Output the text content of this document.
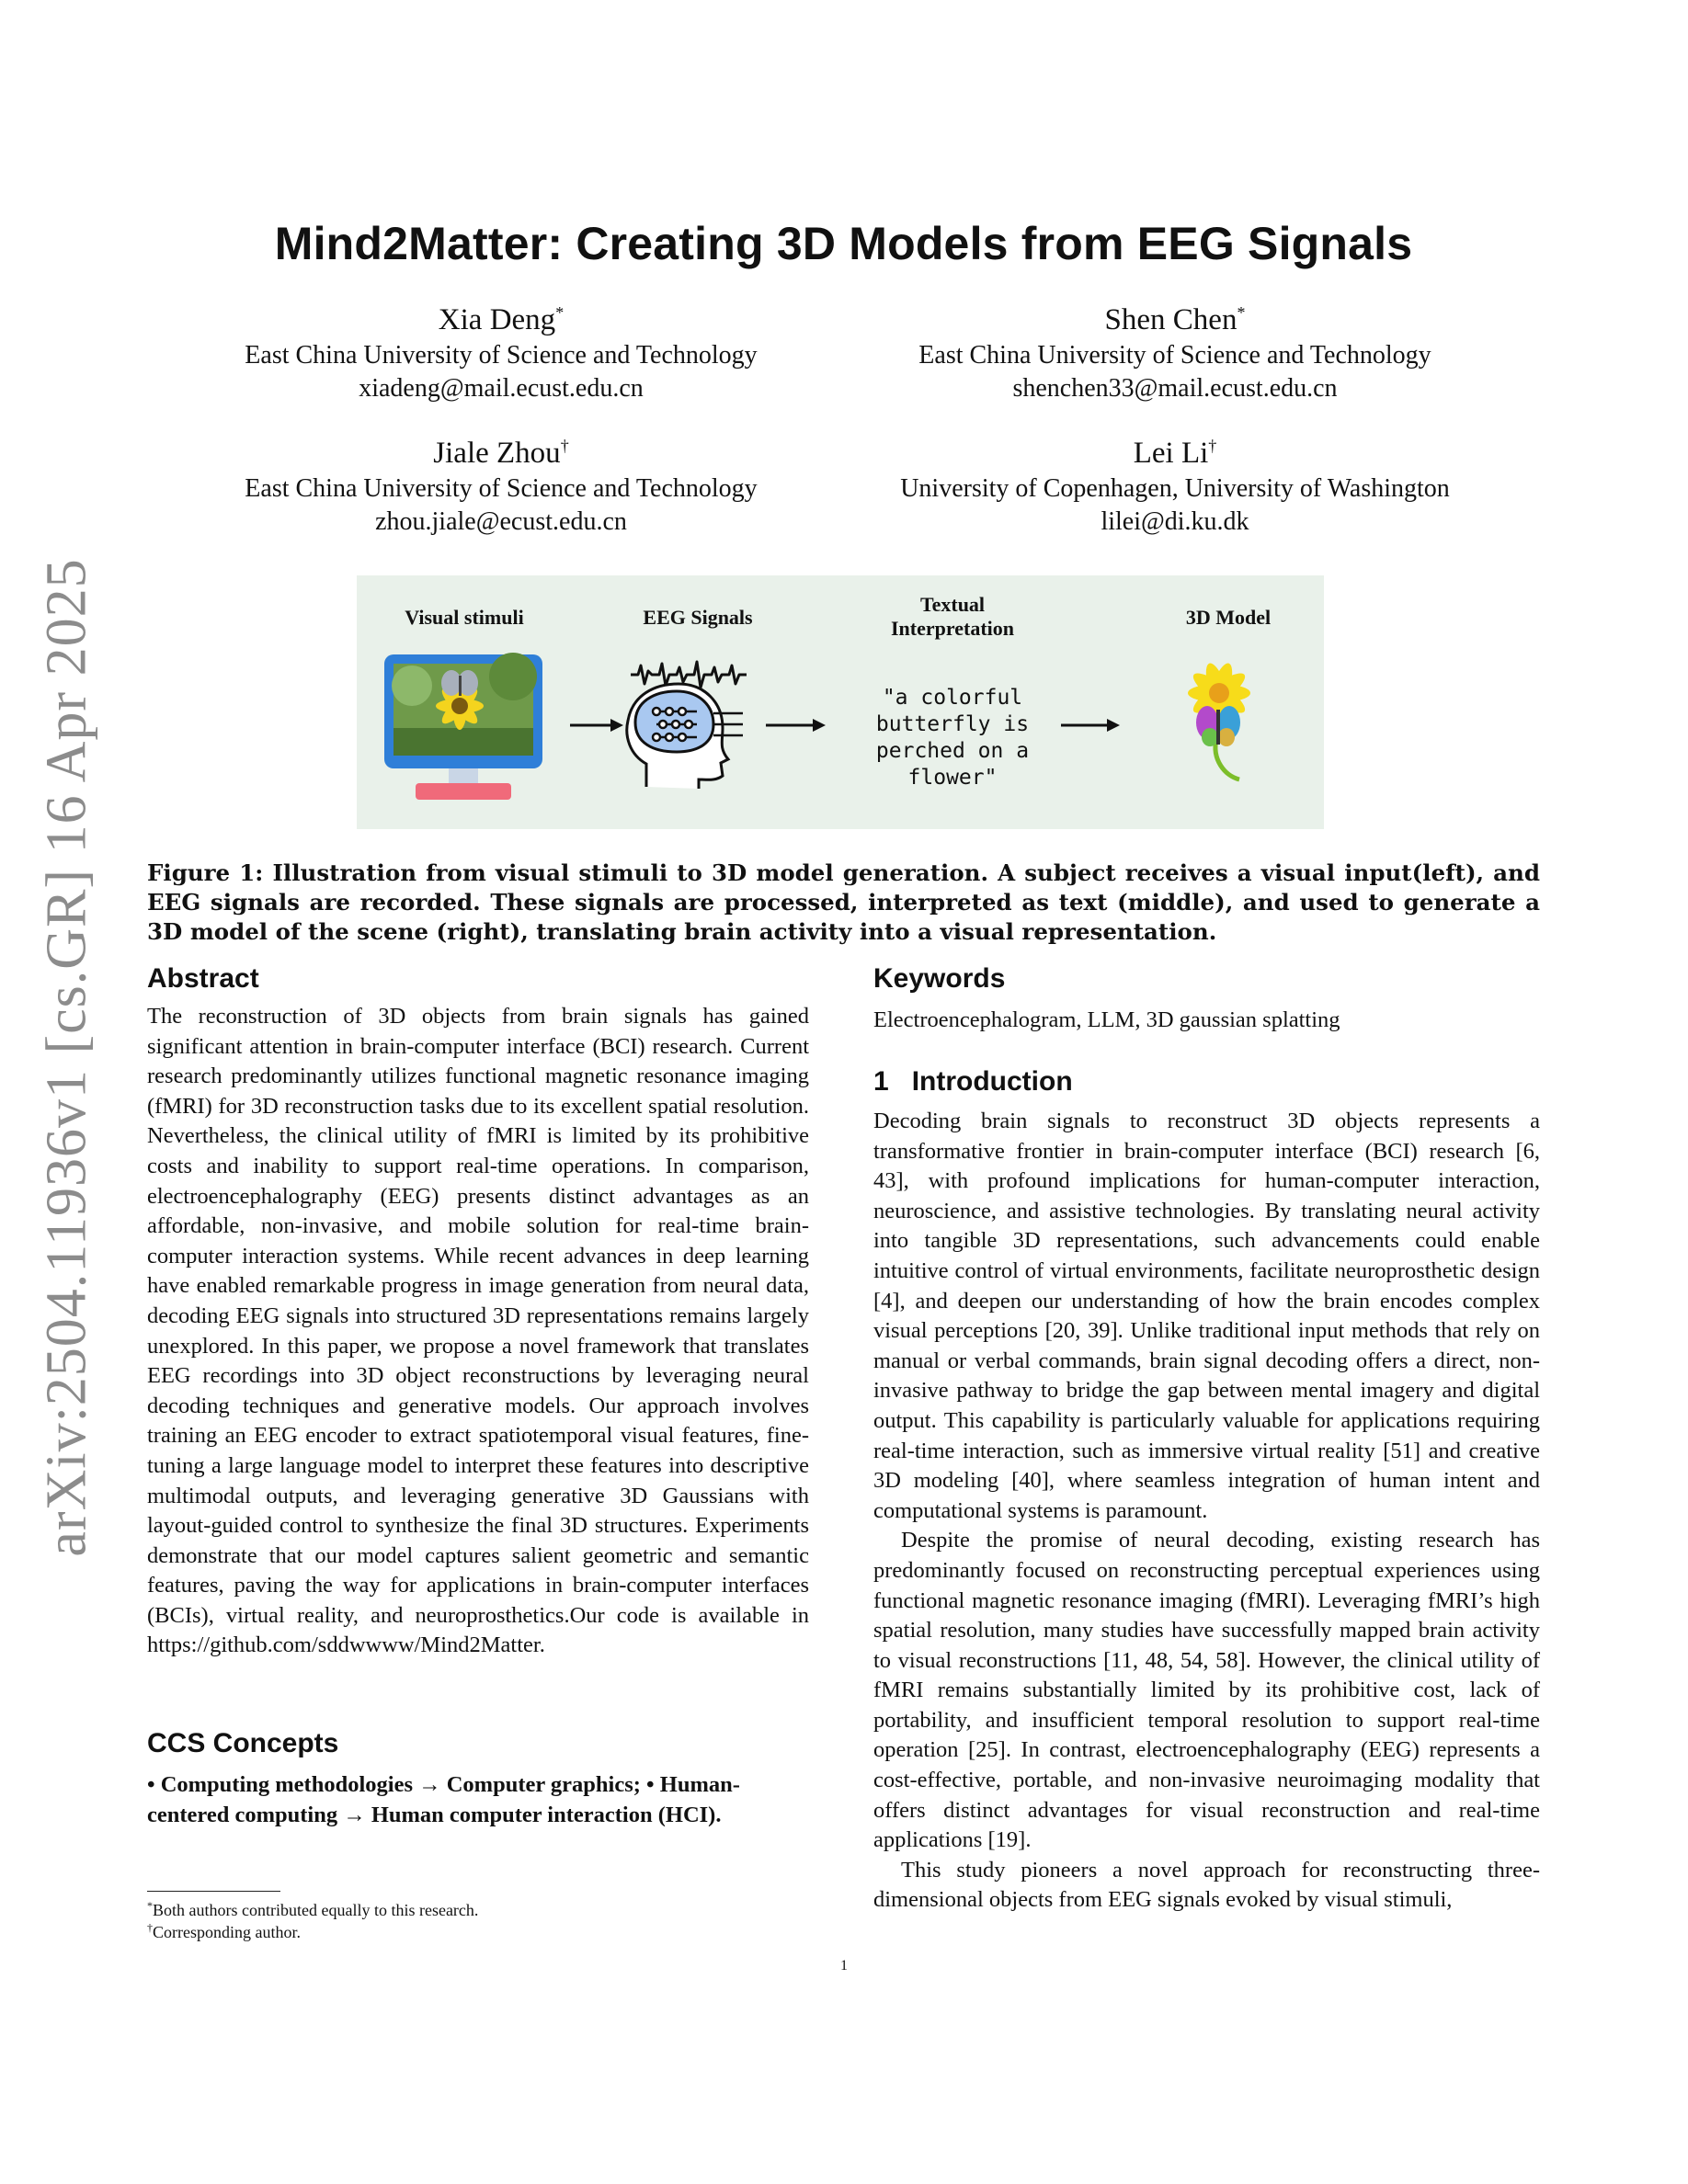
arXiv:2504.11936v1 [cs.GR] 16 Apr 2025
Mind2Matter: Creating 3D Models from EEG Signals
Xia Deng*
East China University of Science and Technology
xiadeng@mail.ecust.edu.cn
Shen Chen*
East China University of Science and Technology
shenchen33@mail.ecust.edu.cn
Jiale Zhou†
East China University of Science and Technology
zhou.jiale@ecust.edu.cn
Lei Li†
University of Copenhagen, University of Washington
lilei@di.ku.dk
Visual stimuli	EEG Signals
Textual
Interpretation	3D Model
"a colorful
butterfly is
perched on a
flower"
Figure 1: Illustration from visual stimuli to 3D model generation. A subject receives a visual input(left), and EEG signals are recorded. These signals are processed, interpreted as text (middle), and used to generate a 3D model of the scene (right), translating brain activity into a visual representation.
Abstract
The reconstruction of 3D objects from brain signals has gained significant attention in brain-computer interface (BCI) research. Current research predominantly utilizes functional magnetic resonance imaging (fMRI) for 3D reconstruction tasks due to its excellent spatial resolution. Nevertheless, the clinical utility of fMRI is limited by its prohibitive costs and inability to support real-time operations. In comparison, electroencephalography (EEG) presents distinct advantages as an affordable, non-invasive, and mobile solution for real-time brain-computer interaction systems. While recent advances in deep learning have enabled remarkable progress in image generation from neural data, decoding EEG signals into structured 3D representations remains largely unexplored. In this paper, we propose a novel framework that translates EEG recordings into 3D object reconstructions by leveraging neural decoding techniques and generative models. Our approach involves training an EEG encoder to extract spatiotemporal visual features, fine-tuning a large language model to interpret these features into descriptive multimodal outputs, and leveraging generative 3D Gaussians with layout-guided control to synthesize the final 3D structures. Experiments demonstrate that our model captures salient geometric and semantic features, paving the way for applications in brain-computer interfaces (BCIs), virtual reality, and neuroprosthetics.Our code is available in https://github.com/sddwwww/Mind2Matter.
CCS Concepts
• Computing methodologies → Computer graphics; • Human-centered computing → Human computer interaction (HCI).
*Both authors contributed equally to this research.
†Corresponding author.
Keywords
Electroencephalogram, LLM, 3D gaussian splatting
1   Introduction
Decoding brain signals to reconstruct 3D objects represents a transformative frontier in brain-computer interface (BCI) research [6, 43], with profound implications for human-computer interaction, neuroscience, and assistive technologies. By translating neural activity into tangible 3D representations, such advancements could enable intuitive control of virtual environments, facilitate neuroprosthetic design [4], and deepen our understanding of how the brain encodes complex visual perceptions [20, 39]. Unlike traditional input methods that rely on manual or verbal commands, brain signal decoding offers a direct, non-invasive pathway to bridge the gap between mental imagery and digital output. This capability is particularly valuable for applications requiring real-time interaction, such as immersive virtual reality [51] and creative 3D modeling [40], where seamless integration of human intent and computational systems is paramount.
Despite the promise of neural decoding, existing research has predominantly focused on reconstructing perceptual experiences using functional magnetic resonance imaging (fMRI). Leveraging fMRI’s high spatial resolution, many studies have successfully mapped brain activity to visual reconstructions [11, 48, 54, 58]. However, the clinical utility of fMRI remains substantially limited by its prohibitive cost, lack of portability, and insufficient temporal resolution to support real-time operation [25]. In contrast, electroencephalography (EEG) represents a cost-effective, portable, and non-invasive neuroimaging modality that offers distinct advantages for visual reconstruction and real-time applications [19].
This study pioneers a novel approach for reconstructing three-dimensional objects from EEG signals evoked by visual stimuli,
1
